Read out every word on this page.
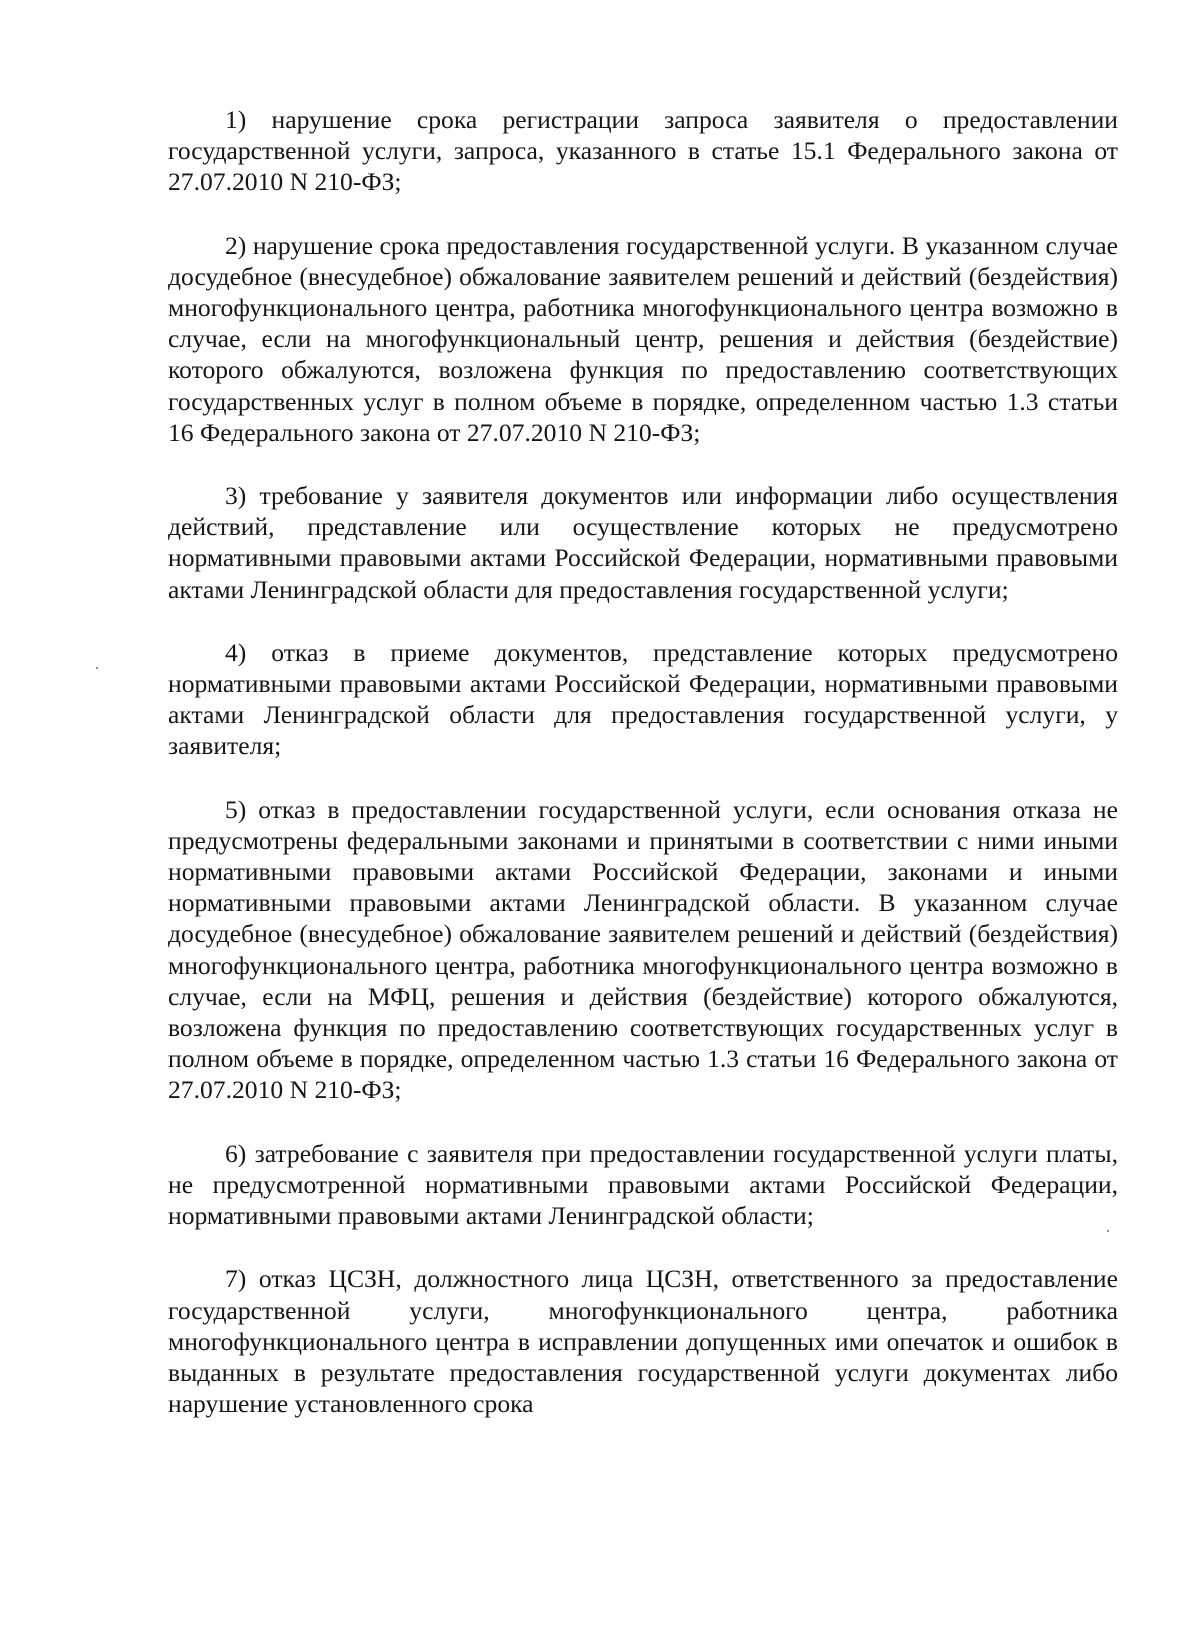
1) нарушение срока регистрации запроса заявителя о предоставлении государственной услуги, запроса, указанного в статье 15.1 Федерального закона от 27.07.2010 N 210-ФЗ;

2) нарушение срока предоставления государственной услуги. В указанном случае досудебное (внесудебное) обжалование заявителем решений и действий (бездействия) многофункционального центра, работника многофункционального центра возможно в случае, если на многофункциональный центр, решения и действия (бездействие) которого обжалуются, возложена функция по предоставлению соответствующих государственных услуг в полном объеме в порядке, определенном частью 1.3 статьи 16 Федерального закона от 27.07.2010 N 210-ФЗ;

3) требование у заявителя документов или информации либо осуществления действий, представление или осуществление которых не предусмотрено нормативными правовыми актами Российской Федерации, нормативными правовыми актами Ленинградской области для предоставления государственной услуги;

4) отказ в приеме документов, представление которых предусмотрено нормативными правовыми актами Российской Федерации, нормативными правовыми актами Ленинградской области для предоставления государственной услуги, у заявителя;

5) отказ в предоставлении государственной услуги, если основания отказа не предусмотрены федеральными законами и принятыми в соответствии с ними иными нормативными правовыми актами Российской Федерации, законами и иными нормативными правовыми актами Ленинградской области. В указанном случае досудебное (внесудебное) обжалование заявителем решений и действий (бездействия) многофункционального центра, работника многофункционального центра возможно в случае, если на МФЦ, решения и действия (бездействие) которого обжалуются, возложена функция по предоставлению соответствующих государственных услуг в полном объеме в порядке, определенном частью 1.3 статьи 16 Федерального закона от 27.07.2010 N 210-ФЗ;

6) затребование с заявителя при предоставлении государственной услуги платы, не предусмотренной нормативными правовыми актами Российской Федерации, нормативными правовыми актами Ленинградской области;

7) отказ ЦСЗН, должностного лица ЦСЗН, ответственного за предоставление государственной услуги, многофункционального центра, работника многофункционального центра в исправлении допущенных ими опечаток и ошибок в выданных в результате предоставления государственной услуги документах либо нарушение установленного срока
